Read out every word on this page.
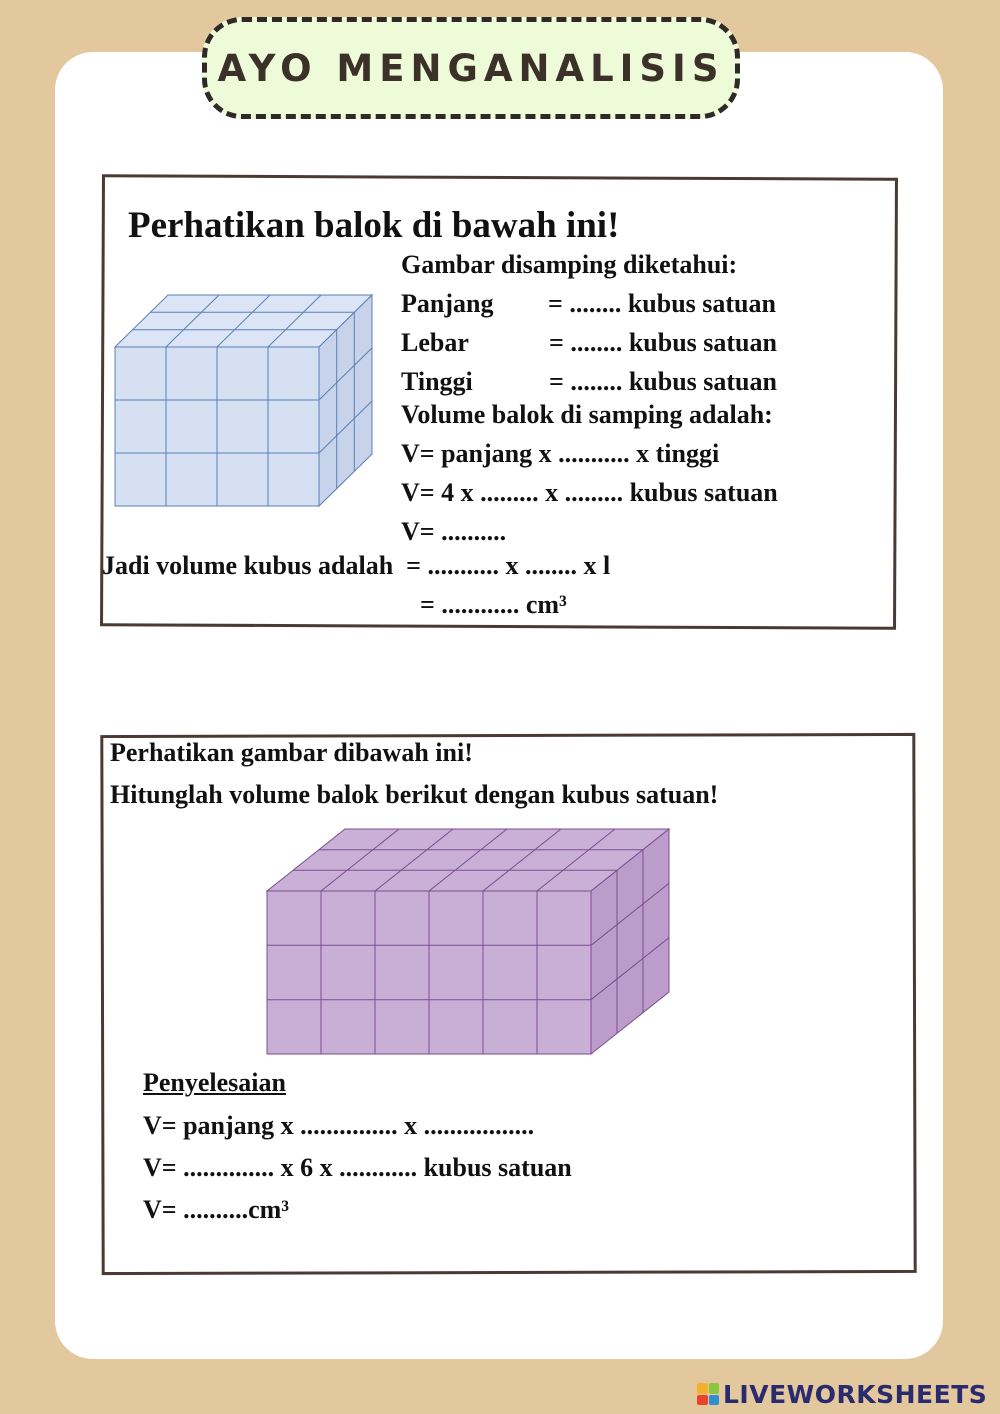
AYO MENGANALISIS
Perhatikan balok di bawah ini!
Gambar disamping diketahui:
Panjang = ........ kubus satuan
Lebar	= ........ kubus satuan
Tinggi	= ........ kubus satuan
Volume balok di samping adalah:
V= panjang x ........... x tinggi
V= 4 x ......... x ......... kubus satuan
V= ..........
Jadi volume kubus adalah  = ........... x ........ x l
= ............ cm³
Perhatikan gambar dibawah ini!
Hitunglah volume balok berikut dengan kubus satuan!
Penyelesaian
V= panjang x ............... x .................
V= .............. x 6 x ............ kubus satuan
V= ..........cm³
LIVEWORKSHEETS
